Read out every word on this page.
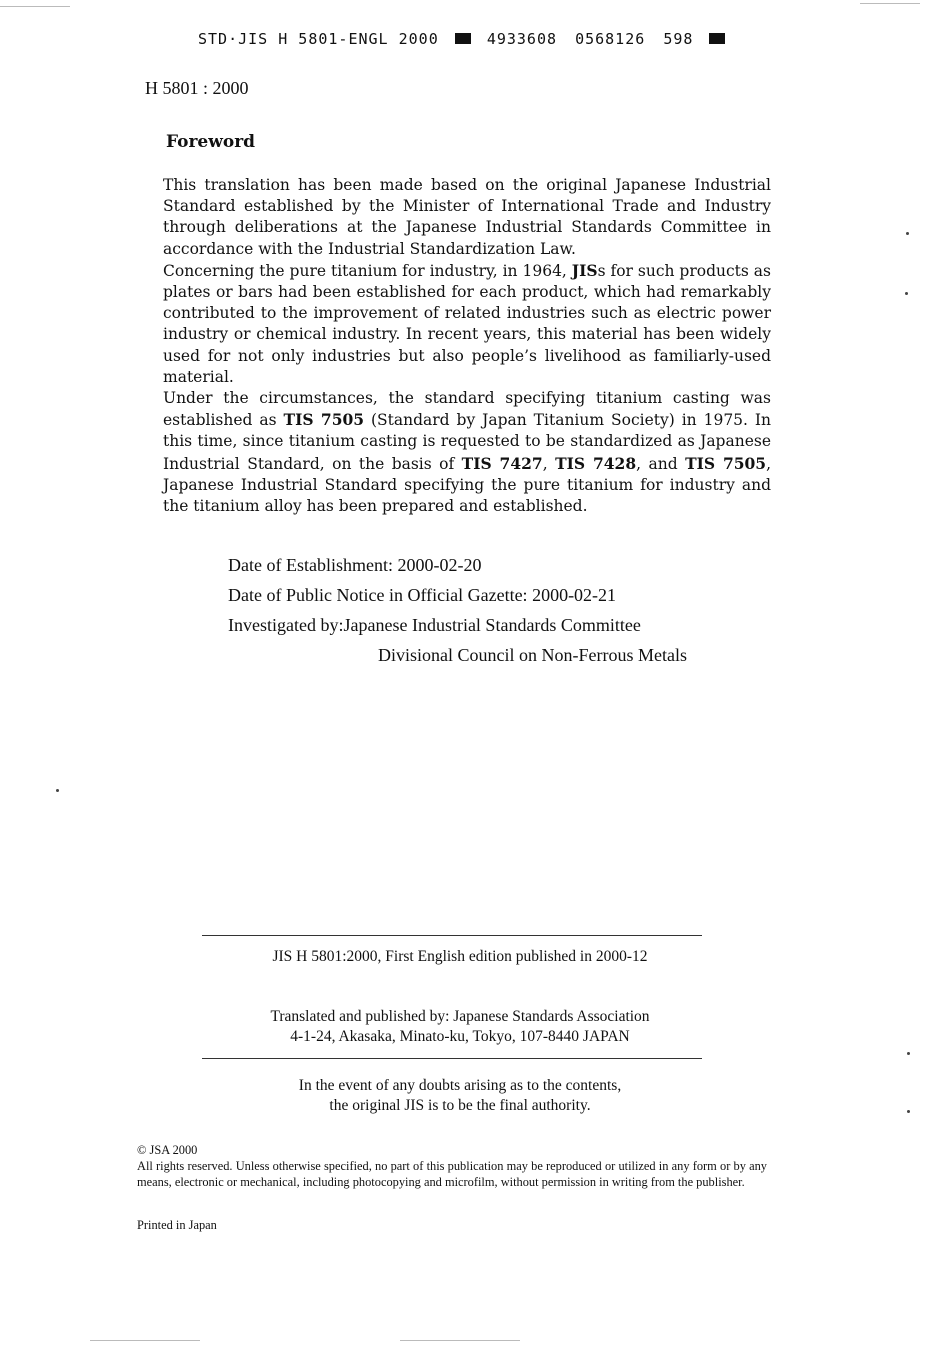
STD·JIS H 5801-ENGL 2000	4933608 0568126 598
H 5801 : 2000
Foreword

This translation has been made based on the original Japanese Industrial Standard established by the Minister of International Trade and Industry through deliberations at the Japanese Industrial Standards Committee in accordance with the Industrial Standardization Law.

Concerning the pure titanium for industry, in 1964, JISs for such products as plates or bars had been established for each product, which had remarkably contributed to the improvement of related industries such as electric power industry or chemical industry. In recent years, this material has been widely used for not only industries but also people’s livelihood as familiarly-used material.

Under the circumstances, the standard specifying titanium casting was established as TIS 7505 (Standard by Japan Titanium Society) in 1975. In this time, since titanium casting is requested to be standardized as Japanese Industrial Standard, on the basis of TIS 7427, TIS 7428, and TIS 7505, Japanese Industrial Standard specifying the pure titanium for industry and the titanium alloy has been prepared and established.

Date of Establishment: 2000-02-20
Date of Public Notice in Official Gazette: 2000-02-21
Investigated by:Japanese Industrial Standards Committee
Divisional Council on Non-Ferrous Metals
JIS H 5801:2000, First English edition published in 2000-12
Translated and published by: Japanese Standards Association
4-1-24, Akasaka, Minato-ku, Tokyo, 107-8440 JAPAN
In the event of any doubts arising as to the contents,
the original JIS is to be the final authority.
© JSA 2000
All rights reserved. Unless otherwise specified, no part of this publication may be reproduced or utilized in any form or by any means, electronic or mechanical, including photocopying and microfilm, without permission in writing from the publisher.
Printed in Japan
